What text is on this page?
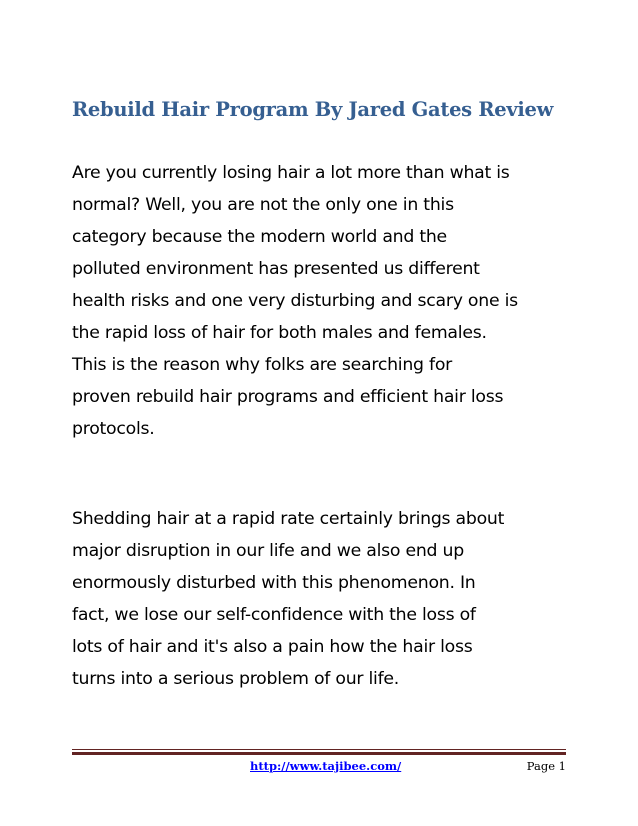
Rebuild Hair Program By Jared Gates Review

Are you currently losing hair a lot more than what is
normal? Well, you are not the only one in this
category because the modern world and the
polluted environment has presented us different
health risks and one very disturbing and scary one is
the rapid loss of hair for both males and females.
This is the reason why folks are searching for
proven rebuild hair programs and efficient hair loss
protocols.

Shedding hair at a rapid rate certainly brings about
major disruption in our life and we also end up
enormously disturbed with this phenomenon. In
fact, we lose our self-confidence with the loss of
lots of hair and it's also a pain how the hair loss
turns into a serious problem of our life.

http://www.tajibee.com/	Page 1
